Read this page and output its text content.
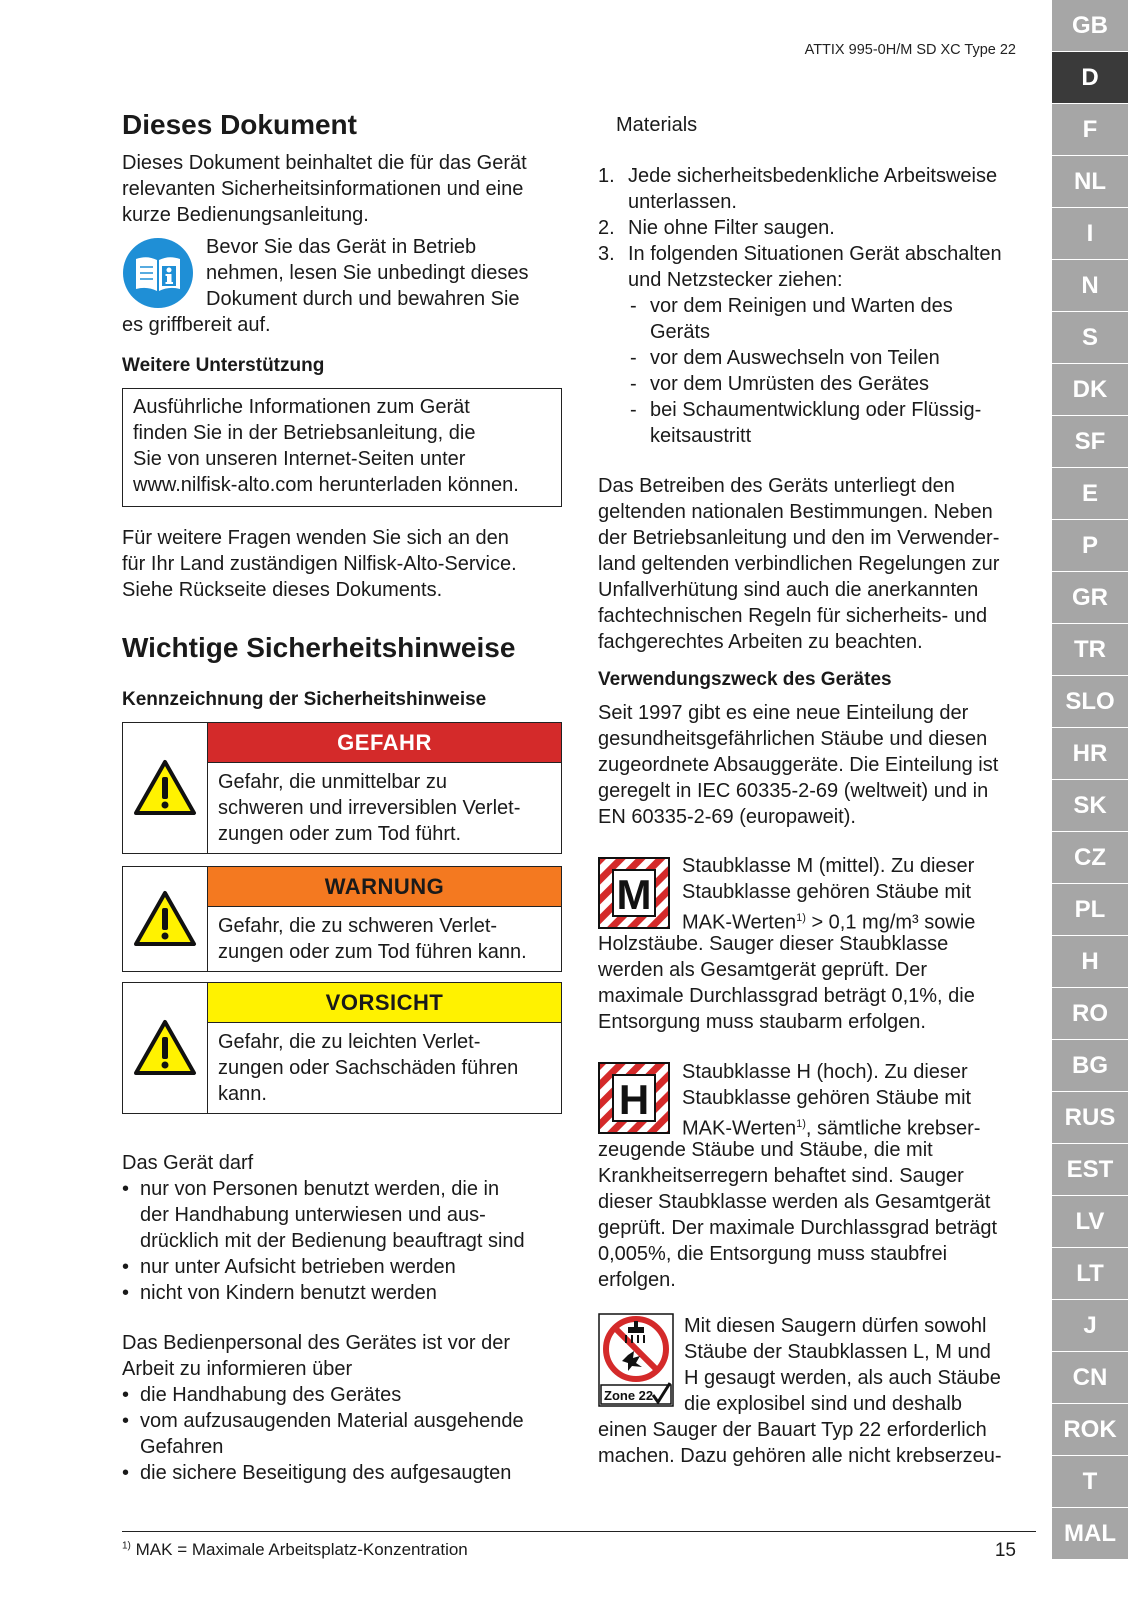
ATTIX 995-0H/M SD XC Type 22
Dieses Dokument
Dieses Dokument beinhaltet die für das Gerät
relevanten Sicherheitsinformationen und eine
kurze Bedienungsanleitung.
Bevor Sie das Gerät in Betrieb
nehmen, lesen Sie unbedingt dieses
Dokument durch und bewahren Sie
es griffbereit auf.
Weitere Unterstützung
Ausführliche Informationen zum Gerät
finden Sie in der Betriebsanleitung, die
Sie von unseren Internet-Seiten unter
www.nilfisk-alto.com herunterladen können.
Für weitere Fragen wenden Sie sich an den
für Ihr Land zuständigen Nilfisk-Alto-Service.
Siehe Rückseite dieses Dokuments.
Wichtige Sicherheitshinweise
Kennzeichnung der Sicherheitshinweise
GEFAHR
Gefahr, die unmittelbar zu
schweren und irreversiblen Verlet-
zungen oder zum Tod führt.
WARNUNG
Gefahr, die zu schweren Verlet-
zungen oder zum Tod führen kann.
VORSICHT
Gefahr, die zu leichten Verlet-
zungen oder Sachschäden führen
kann.
Das Gerät darf
• nur von Personen benutzt werden, die in
der Handhabung unterwiesen und aus-
drücklich mit der Bedienung beauftragt sind
• nur unter Aufsicht betrieben werden
• nicht von Kindern benutzt werden
Das Bedienpersonal des Gerätes ist vor der
Arbeit zu informieren über
• die Handhabung des Gerätes
• vom aufzusaugenden Material ausgehende
Gefahren
• die sichere Beseitigung des aufgesaugten
Materials
1. Jede sicherheitsbedenkliche Arbeitsweise
unterlassen.
2. Nie ohne Filter saugen.
3. In folgenden Situationen Gerät abschalten
und Netzstecker ziehen:
- vor dem Reinigen und Warten des
Geräts
- vor dem Auswechseln von Teilen
- vor dem Umrüsten des Gerätes
- bei Schaumentwicklung oder Flüssig-
keitsaustritt
Das Betreiben des Geräts unterliegt den
geltenden nationalen Bestimmungen. Neben
der Betriebsanleitung und den im Verwender-
land geltenden verbindlichen Regelungen zur
Unfallverhütung sind auch die anerkannten
fachtechnischen Regeln für sicherheits- und
fachgerechtes Arbeiten zu beachten.
Verwendungszweck des Gerätes
Seit 1997 gibt es eine neue Einteilung der
gesundheitsgefährlichen Stäube und diesen
zugeordnete Absauggeräte. Die Einteilung ist
geregelt in IEC 60335-2-69 (weltweit) und in
EN 60335-2-69 (europaweit).
M
Staubklasse M (mittel). Zu dieser
Staubklasse gehören Stäube mit
MAK-Werten$^{1)}$ > 0,1 mg/m³ sowie
Holzstäube. Sauger dieser Staubklasse
werden als Gesamtgerät geprüft. Der
maximale Durchlassgrad beträgt 0,1%, die
Entsorgung muss staubarm erfolgen.
H
Staubklasse H (hoch). Zu dieser
Staubklasse gehören Stäube mit
MAK-Werten$^{1)}$, sämtliche krebser-
zeugende Stäube und Stäube, die mit
Krankheitserregern behaftet sind. Sauger
dieser Staubklasse werden als Gesamtgerät
geprüft. Der maximale Durchlassgrad beträgt
0,005%, die Entsorgung muss staubfrei
erfolgen.
Zone 22
Mit diesen Saugern dürfen sowohl
Stäube der Staubklassen L, M und
H gesaugt werden, als auch Stäube
die explosibel sind und deshalb
einen Sauger der Bauart Typ 22 erforderlich
machen. Dazu gehören alle nicht krebserzeu-
$^{1)}$ MAK = Maximale Arbeitsplatz-Konzentration	15
GB
D
F
NL
I
N
S
DK
SF
E
P
GR
TR
SLO
HR
SK
CZ
PL
H
RO
BG
RUS
EST
LV
LT
J
CN
ROK
T
MAL
